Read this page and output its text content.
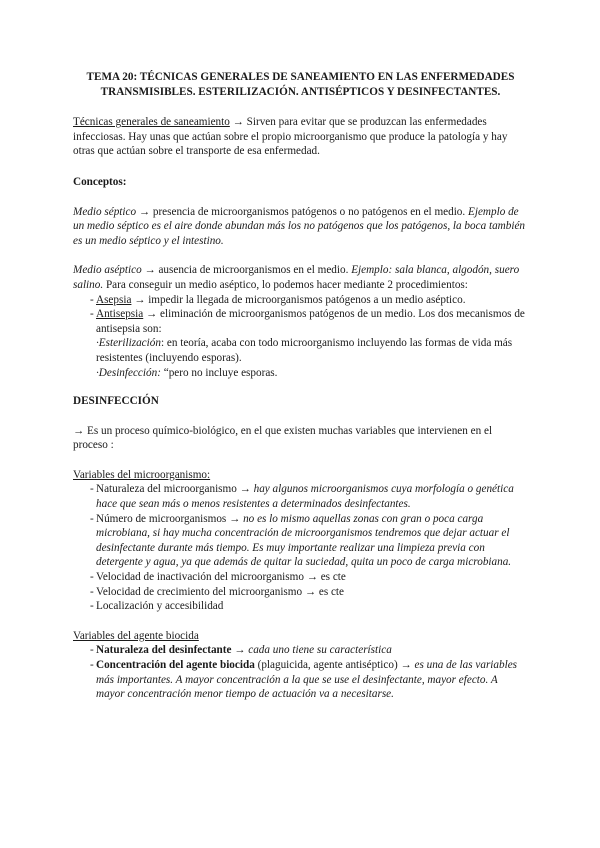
TEMA 20: TÉCNICAS GENERALES DE SANEAMIENTO EN LAS ENFERMEDADES TRANSMISIBLES. ESTERILIZACIÓN. ANTISÉPTICOS Y DESINFECTANTES.

Técnicas generales de saneamiento → Sirven para evitar que se produzcan las enfermedades infecciosas. Hay unas que actúan sobre el propio microorganismo que produce la patología y hay otras que actúan sobre el transporte de esa enfermedad.

Conceptos:

Medio séptico → presencia de microorganismos patógenos o no patógenos en el medio. Ejemplo de un medio séptico es el aire donde abundan más los no patógenos que los patógenos, la boca también es un medio séptico y el intestino.

Medio aséptico → ausencia de microorganismos en el medio. Ejemplo: sala blanca, algodón, suero salino. Para conseguir un medio aséptico, lo podemos hacer mediante 2 procedimientos:

- Asepsia → impedir la llegada de microorganismos patógenos a un medio aséptico.
- Antisepsia → eliminación de microorganismos patógenos de un medio. Los dos mecanismos de antisepsia son:
·Esterilización: en teoría, acaba con todo microorganismo incluyendo las formas de vida más resistentes (incluyendo esporas).
·Desinfección: “pero no incluye esporas.

DESINFECCIÓN

→ Es un proceso químico-biológico, en el que existen muchas variables que intervienen en el proceso :

Variables del microorganismo:

- Naturaleza del microorganismo → hay algunos microorganismos cuya morfología o genética hace que sean más o menos resistentes a determinados desinfectantes.
- Número de microorganismos → no es lo mismo aquellas zonas con gran o poca carga microbiana, si hay mucha concentración de microorganismos tendremos que dejar actuar el desinfectante durante más tiempo. Es muy importante realizar una limpieza previa con detergente y agua, ya que además de quitar la suciedad, quita un poco de carga microbiana.
- Velocidad de inactivación del microorganismo → es cte
- Velocidad de crecimiento del microorganismo → es cte
- Localización y accesibilidad

Variables del agente biocida

- Naturaleza del desinfectante → cada uno tiene su característica
- Concentración del agente biocida (plaguicida, agente antiséptico) → es una de las variables más importantes. A mayor concentración a la que se use el desinfectante, mayor efecto. A mayor concentración menor tiempo de actuación va a necesitarse.
